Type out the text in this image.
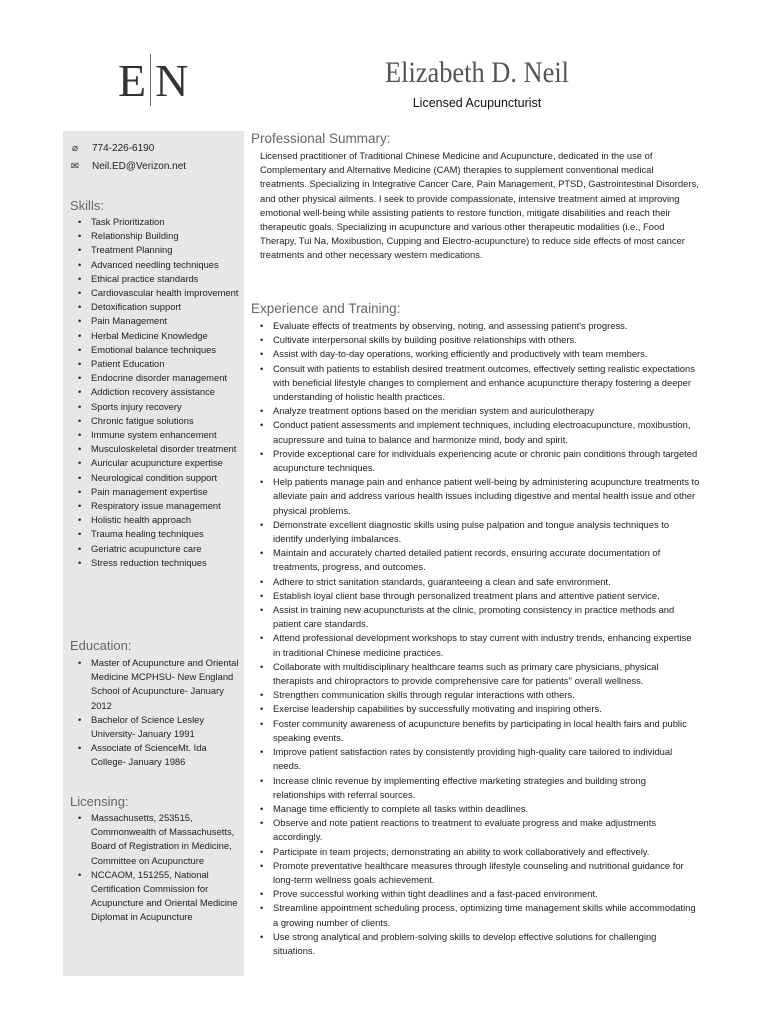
E N	Elizabeth D. Neil
Licensed Acupuncturist
⌀ 774-226-6190
✉ Neil.ED@Verizon.net
Skills:
• Task Prioritization
• Relationship Building
• Treatment Planning
• Advanced needling techniques
• Ethical practice standards
• Cardiovascular health improvement
• Detoxification support
• Pain Management
• Herbal Medicine Knowledge
• Emotional balance techniques
• Patient Education
• Endocrine disorder management
• Addiction recovery assistance
• Sports injury recovery
• Chronic fatigue solutions
• Immune system enhancement
• Musculoskeletal disorder treatment
• Auricular acupuncture expertise
• Neurological condition support
• Pain management expertise
• Respiratory issue management
• Holistic health approach
• Trauma healing techniques
• Geriatric acupuncture care
• Stress reduction techniques
Education:
• Master of Acupuncture and Oriental Medicine MCPHSU- New England School of Acupuncture- January 2012
• Bachelor of Science Lesley University- January 1991
• Associate of ScienceMt. Ida College- January 1986
Licensing:
• Massachusetts, 253515, Commonwealth of Massachusetts, Board of Registration in Medicine, Committee on Acupuncture
• NCCAOM, 151255, National Certification Commission for Acupuncture and Oriental Medicine Diplomat in Acupuncture
Professional Summary:

Licensed practitioner of Traditional Chinese Medicine and Acupuncture, dedicated in the use of Complementary and Alternative Medicine (CAM) therapies to supplement conventional medical treatments. Specializing in Integrative Cancer Care, Pain Management, PTSD, Gastrointestinal Disorders, and other physical ailments. I seek to provide compassionate, intensive treatment aimed at improving emotional well-being while assisting patients to restore function, mitigate disabilities and reach their therapeutic goals. Specializing in acupuncture and various other therapeutic modalities (i.e., Food Therapy, Tui Na, Moxibustion, Cupping and Electro-acupuncture) to reduce side effects of most cancer treatments and other necessary western medications.

Experience and Training:
• Evaluate effects of treatments by observing, noting, and assessing patient's progress.
• Cultivate interpersonal skills by building positive relationships with others.
• Assist with day-to-day operations, working efficiently and productively with team members.
• Consult with patients to establish desired treatment outcomes, effectively setting realistic expectations with beneficial lifestyle changes to complement and enhance acupuncture therapy fostering a deeper understanding of holistic health practices.
• Analyze treatment options based on the meridian system and auriculotherapy
• Conduct patient assessments and implement techniques, including electroacupuncture, moxibustion, acupressure and tuina to balance and harmonize mind, body and spirit.
• Provide exceptional care for individuals experiencing acute or chronic pain conditions through targeted acupuncture techniques.
• Help patients manage pain and enhance patient well-being by administering acupuncture treatments to alleviate pain and address various health issues including digestive and mental health issue and other physical problems.
• Demonstrate excellent diagnostic skills using pulse palpation and tongue analysis techniques to identify underlying imbalances.
• Maintain and accurately charted detailed patient records, ensuring accurate documentation of treatments, progress, and outcomes.
• Adhere to strict sanitation standards, guaranteeing a clean and safe environment.
• Establish loyal client base through personalized treatment plans and attentive patient service.
• Assist in training new acupuncturists at the clinic, promoting consistency in practice methods and patient care standards.
• Attend professional development workshops to stay current with industry trends, enhancing expertise in traditional Chinese medicine practices.
• Collaborate with multidisciplinary healthcare teams such as primary care physicians, physical therapists and chiropractors to provide comprehensive care for patients'' overall wellness.
• Strengthen communication skills through regular interactions with others.
• Exercise leadership capabilities by successfully motivating and inspiring others.
• Foster community awareness of acupuncture benefits by participating in local health fairs and public speaking events.
• Improve patient satisfaction rates by consistently providing high-quality care tailored to individual needs.
• Increase clinic revenue by implementing effective marketing strategies and building strong relationships with referral sources.
• Manage time efficiently to complete all tasks within deadlines.
• Observe and note patient reactions to treatment to evaluate progress and make adjustments accordingly.
• Participate in team projects, demonstrating an ability to work collaboratively and effectively.
• Promote preventative healthcare measures through lifestyle counseling and nutritional guidance for long-term wellness goals achievement.
• Prove successful working within tight deadlines and a fast-paced environment.
• Streamline appointment scheduling process, optimizing time management skills while accommodating a growing number of clients.
• Use strong analytical and problem-solving skills to develop effective solutions for challenging situations.
